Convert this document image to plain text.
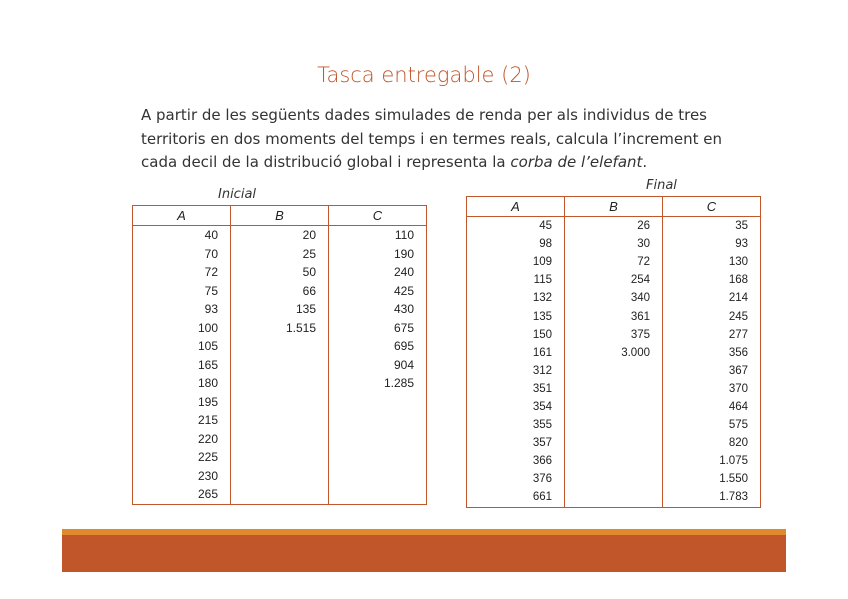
Tasca entregable (2)
A partir de les següents dades simulades de renda per als individus de tres
territoris en dos moments del temps i en termes reals, calcula l’increment en
cada decil de la distribució global i representa la corba de l’elefant.
Inicial
A	B	C
40	20	110
70	25	190
72	50	240
75	66	425
93	135	430
100	1.515	675
105		695
165		904
180		1.285
195		
215		
220		
225		
230		
265		
Final
A	B	C
45	26	35
98	30	93
109	72	130
115	254	168
132	340	214
135	361	245
150	375	277
161	3.000	356
312		367
351		370
354		464
355		575
357		820
366		1.075
376		1.550
661		1.783
